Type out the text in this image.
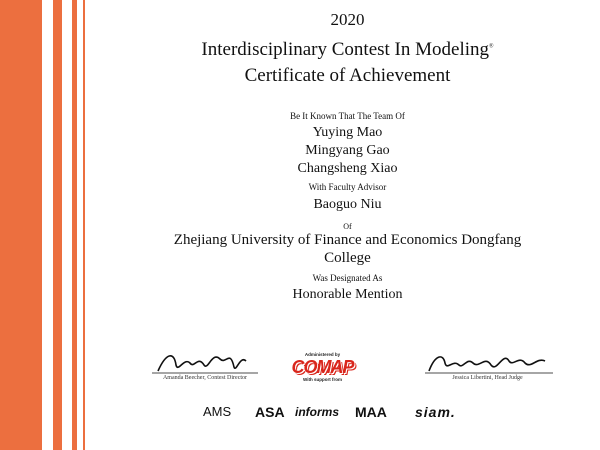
2020
Interdisciplinary Contest In Modeling®
Certificate of Achievement
Be It Known That The Team Of
Yuying Mao
Mingyang Gao
Changsheng Xiao
With Faculty Advisor
Baoguo Niu
Of
Zhejiang University of Finance and Economics Dongfang
College
Was Designated As
Honorable Mention
Amanda Beecher, Contest Director	Jessica Libertini, Head Judge
Administered by
COMAP
With support from
AMS ASA informs MAA siam.
